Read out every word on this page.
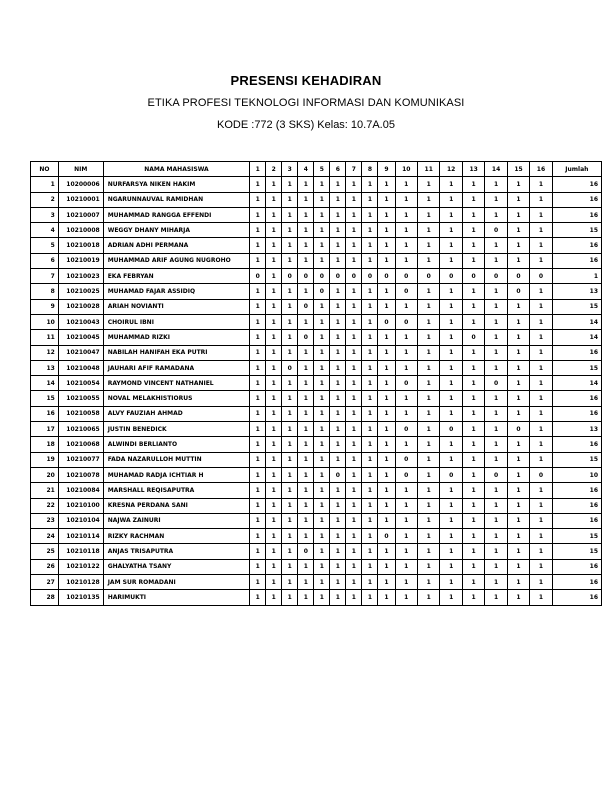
PRESENSI KEHADIRAN
ETIKA PROFESI TEKNOLOGI INFORMASI DAN KOMUNIKASI
KODE :772 (3 SKS) Kelas: 10.7A.05
NO	NIM	NAMA MAHASISWA	1	2	3	4	5	6	7	8	9	10	11	12	13	14	15	16	Jumlah
1	10200006	NURFARSYA NIKEN HAKIM	1	1	1	1	1	1	1	1	1	1	1	1	1	1	1	1	16
2	10210001	NGARUNNAUVAL RAMIDHAN	1	1	1	1	1	1	1	1	1	1	1	1	1	1	1	1	16
3	10210007	MUHAMMAD RANGGA EFFENDI	1	1	1	1	1	1	1	1	1	1	1	1	1	1	1	1	16
4	10210008	WEGGY DHANY MIHARJA	1	1	1	1	1	1	1	1	1	1	1	1	1	0	1	1	15
5	10210018	ADRIAN ADHI PERMANA	1	1	1	1	1	1	1	1	1	1	1	1	1	1	1	1	16
6	10210019	MUHAMMAD ARIF AGUNG NUGROHO	1	1	1	1	1	1	1	1	1	1	1	1	1	1	1	1	16
7	10210023	EKA FEBRYAN	0	1	0	0	0	0	0	0	0	0	0	0	0	0	0	0	1
8	10210025	MUHAMAD FAJAR ASSIDIQ	1	1	1	1	0	1	1	1	1	0	1	1	1	1	0	1	13
9	10210028	ARIAH NOVIANTI	1	1	1	0	1	1	1	1	1	1	1	1	1	1	1	1	15
10	10210043	CHOIRUL IBNI	1	1	1	1	1	1	1	1	0	0	1	1	1	1	1	1	14
11	10210045	MUHAMMAD RIZKI	1	1	1	0	1	1	1	1	1	1	1	1	0	1	1	1	14
12	10210047	NABILAH HANIFAH EKA PUTRI	1	1	1	1	1	1	1	1	1	1	1	1	1	1	1	1	16
13	10210048	JAUHARI AFIF RAMADANA	1	1	0	1	1	1	1	1	1	1	1	1	1	1	1	1	15
14	10210054	RAYMOND VINCENT NATHANIEL	1	1	1	1	1	1	1	1	1	0	1	1	1	0	1	1	14
15	10210055	NOVAL MELAKHISTIORUS	1	1	1	1	1	1	1	1	1	1	1	1	1	1	1	1	16
16	10210058	ALVY FAUZIAH AHMAD	1	1	1	1	1	1	1	1	1	1	1	1	1	1	1	1	16
17	10210065	JUSTIN BENEDICK	1	1	1	1	1	1	1	1	1	0	1	0	1	1	0	1	13
18	10210068	ALWINDI BERLIANTO	1	1	1	1	1	1	1	1	1	1	1	1	1	1	1	1	16
19	10210077	FADA NAZARULLOH MUTTIN	1	1	1	1	1	1	1	1	1	0	1	1	1	1	1	1	15
20	10210078	MUHAMAD RADJA ICHTIAR H	1	1	1	1	1	0	1	1	1	0	1	0	1	0	1	0	10
21	10210084	MARSHALL REQISAPUTRA	1	1	1	1	1	1	1	1	1	1	1	1	1	1	1	1	16
22	10210100	KRESNA PERDANA SANI	1	1	1	1	1	1	1	1	1	1	1	1	1	1	1	1	16
23	10210104	NAJWA ZAINURI	1	1	1	1	1	1	1	1	1	1	1	1	1	1	1	1	16
24	10210114	RIZKY RACHMAN	1	1	1	1	1	1	1	1	0	1	1	1	1	1	1	1	15
25	10210118	ANJAS TRISAPUTRA	1	1	1	0	1	1	1	1	1	1	1	1	1	1	1	1	15
26	10210122	GHALYATHA TSANY	1	1	1	1	1	1	1	1	1	1	1	1	1	1	1	1	16
27	10210128	JAM SUR ROMADANI	1	1	1	1	1	1	1	1	1	1	1	1	1	1	1	1	16
28	10210135	HARIMUKTI	1	1	1	1	1	1	1	1	1	1	1	1	1	1	1	1	16
